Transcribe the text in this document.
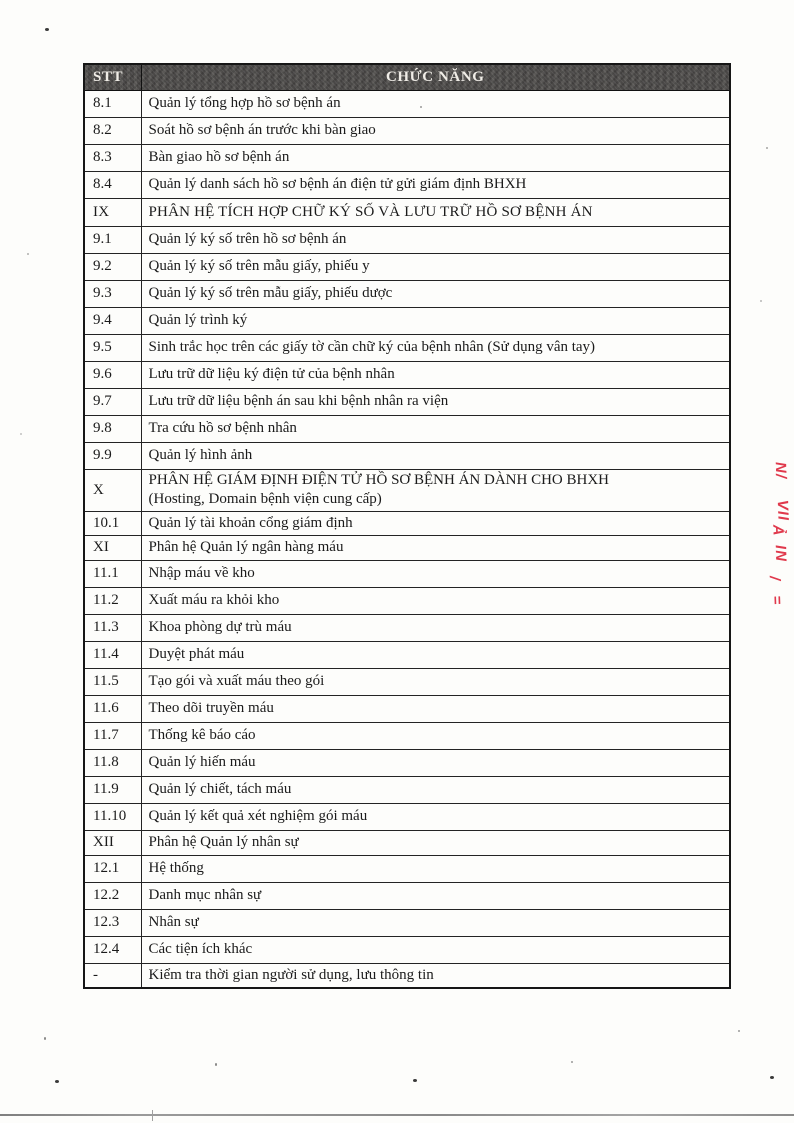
STT	CHỨC NĂNG
8.1	Quản lý tổng hợp hồ sơ bệnh án
8.2	Soát hồ sơ bệnh án trước khi bàn giao
8.3	Bàn giao hồ sơ bệnh án
8.4	Quản lý danh sách hồ sơ bệnh án điện tử gửi giám định BHXH
IX	PHÂN HỆ TÍCH HỢP CHỮ KÝ SỐ VÀ LƯU TRỮ HỒ SƠ BỆNH ÁN
9.1	Quản lý ký số trên hồ sơ bệnh án
9.2	Quản lý ký số trên mẫu giấy, phiếu y
9.3	Quản lý ký số trên mẫu giấy, phiếu dược
9.4	Quản lý trình ký
9.5	Sinh trắc học trên các giấy tờ cần chữ ký của bệnh nhân (Sử dụng vân tay)
9.6	Lưu trữ dữ liệu ký điện tử của bệnh nhân
9.7	Lưu trữ dữ liệu bệnh án sau khi bệnh nhân ra viện
9.8	Tra cứu hồ sơ bệnh nhân
9.9	Quản lý hình ảnh
X	PHÂN HỆ GIÁM ĐỊNH ĐIỆN TỬ HỒ SƠ BỆNH ÁN DÀNH CHO BHXH
(Hosting, Domain bệnh viện cung cấp)

10.1	Quản lý tài khoản cổng giám định
XI	Phân hệ Quản lý ngân hàng máu
11.1	Nhập máu về kho
11.2	Xuất máu ra khỏi kho
11.3	Khoa phòng dự trù máu
11.4	Duyệt phát máu
11.5	Tạo gói và xuất máu theo gói
11.6	Theo dõi truyền máu
11.7	Thống kê báo cáo
11.8	Quản lý hiến máu
11.9	Quản lý chiết, tách máu
11.10	Quản lý kết quả xét nghiệm gói máu
XII	Phân hệ Quản lý nhân sự
12.1	Hệ thống
12.2	Danh mục nhân sự
12.3	Nhân sự
12.4	Các tiện ích khác
-	Kiểm tra thời gian người sử dụng, lưu thông tin
N/
VII
Ả
IN
/
=
